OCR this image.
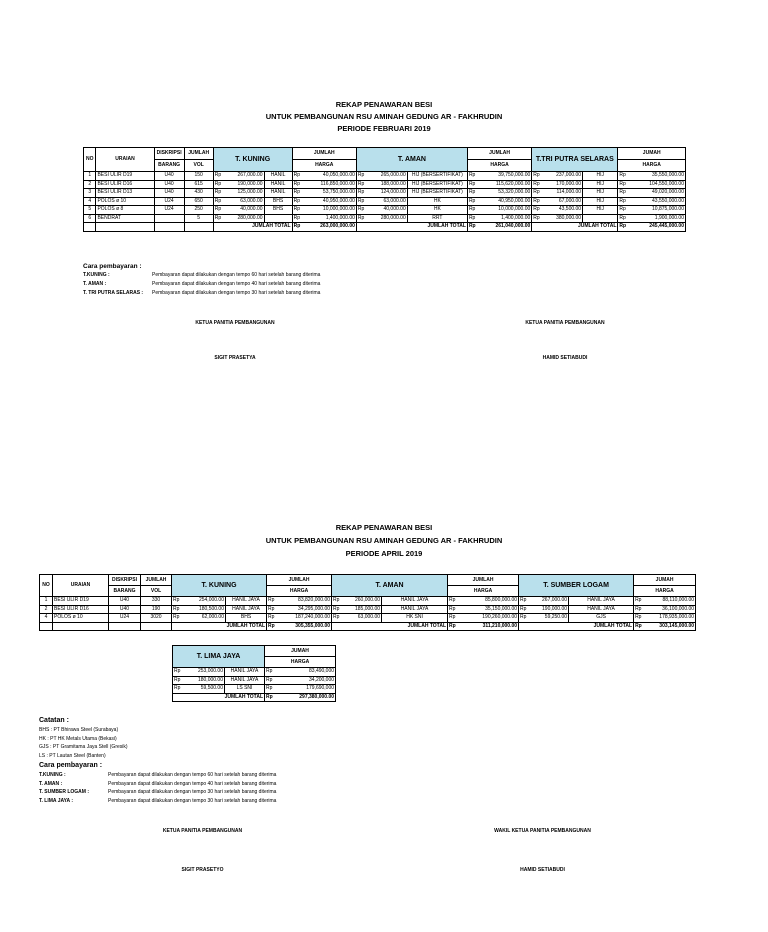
REKAP PENAWARAN BESI
UNTUK PEMBANGUNAN RSU AMINAH GEDUNG AR - FAKHRUDIN
PERIODE FEBRUARI 2019
NO	URAIAN	DISKRIPSI	JUMLAH	T. KUNING			JUMLAH		T. AMAN			JUMLAH		T.TRI PUTRA SELARAS			JUMAH	
		BARANG	VOL				HARGA					HARGA					HARGA	
1	BESI ULIR D19	U40	150	Rp	267,000.00	HANIL	Rp	40,050,000.00	Rp	265,000.00	HIJ (BERSERTIFIKAT)	Rp	39,750,000.00	Rp	237,000.00	HIJ	Rp	35,550,000.00
2	BESI ULIR D16	U40	615	Rp	190,000.00	HANIL	Rp	116,850,000.00	Rp	188,000.00	HIJ (BERSERTIFIKAT)	Rp	115,620,000.00	Rp	170,000.00	HIJ	Rp	104,550,000.00
3	BESI ULIR D13	U40	430	Rp	125,000.00	HANIL	Rp	53,750,000.00	Rp	124,000.00	HIJ (BERSERTIFIKAT)	Rp	53,320,000.00	Rp	114,000.00	HIJ	Rp	49,020,000.00
4	POLOS ø 10	U24	650	Rp	63,000.00	BHS	Rp	40,950,000.00	Rp	63,000.00	HK	Rp	40,950,000.00	Rp	67,000.00	HIJ	Rp	43,550,000.00
5	POLOS ø 8	U24	250	Rp	40,000.00	BHS	Rp	10,000,000.00	Rp	40,000.00	HK	Rp	10,000,000.00	Rp	43,500.00	HIJ	Rp	10,875,000.00
6	BENDRAT		5	Rp	280,000.00		Rp	1,400,000.00	Rp	280,000.00	RRT	Rp	1,400,000.00	Rp	380,000.00		Rp	1,900,000.00
				JUMLAH TOTAL			Rp	263,000,000.00	JUMLAH TOTAL			Rp	261,040,000.00	JUMLAH TOTAL			Rp	245,445,000.00
Cara pembayaran :
T.KUNING :	Pembayaran dapat dilakukan dengan tempo 60 hari setelah barang diterima
T. AMAN :	Pembayaran dapat dilakukan dengan tempo 40 hari setelah barang diterima
T. TRI PUTRA SELARAS :	Pembayaran dapat dilakukan dengan tempo 30 hari setelah barang diterima
KETUA PANITIA PEMBANGUNAN	KETUA PANITIA PEMBANGUNAN
SIGIT PRASETYA	HAMID SETIABUDI
REKAP PENAWARAN BESI
UNTUK PEMBANGUNAN RSU AMINAH GEDUNG AR - FAKHRUDIN
PERIODE APRIL 2019
NO	URAIAN	DISKRIPSI	JUMLAH	T. KUNING			JUMLAH		T. AMAN			JUMLAH		T. SUMBER LOGAM			JUMAH	
		BARANG	VOL				HARGA					HARGA					HARGA	
1	BESI ULIR D19	U40	330	Rp	254,000.00	HANIL JAYA	Rp	83,820,000.00	Rp	260,000.00	HANIL JAYA	Rp	85,800,000.00	Rp	267,000.00	HANIL JAYA	Rp	88,110,000.00
2	BESI ULIR D16	U40	190	Rp	180,500.00	HANIL JAYA	Rp	34,295,000.00	Rp	185,000.00	HANIL JAYA	Rp	35,150,000.00	Rp	190,000.00	HANIL JAYA	Rp	36,100,000.00
4	POLOS ø 10	U24	3020	Rp	62,000.00	BHS	Rp	187,240,000.00	Rp	63,000.00	HK SNI	Rp	190,260,000.00	Rp	59,250.00	GJS	Rp	178,935,000.00
				JUMLAH TOTAL			Rp	305,355,000.00	JUMLAH TOTAL			Rp	311,210,000.00	JUMLAH TOTAL			Rp	303,145,000.00
T. LIMA JAYA			JUMAH	
			HARGA	
Rp	253,000.00	HANIL JAYA	Rp	83,490,000
Rp	180,000.00	HANIL JAYA	Rp	34,200,000
Rp	59,500.00	LS SNI	Rp	179,690,000
JUMLAH TOTAL			Rp	297,380,000.00
Catatan :
BHS : PT Bhirawa Steel (Surabaya)
HK : PT HK Metals Utama (Bekasi)
GJS : PT Gramitama Jaya Stell (Gresik)
LS : PT Lautan Steel (Banten)
Cara pembayaran :
T.KUNING :	Pembayaran dapat dilakukan dengan tempo 60 hari setelah barang diterima
T. AMAN :	Pembayaran dapat dilakukan dengan tempo 40 hari setelah barang diterima
T. SUMBER LOGAM :	Pembayaran dapat dilakukan dengan tempo 30 hari setelah barang diterima
T. LIMA JAYA :	Pembayaran dapat dilakukan dengan tempo 30 hari setelah barang diterima
KETUA PANITIA PEMBANGUNAN	WAKIL KETUA PANITIA PEMBANGUNAN
SIGIT PRASETYO	HAMID SETIABUDI
